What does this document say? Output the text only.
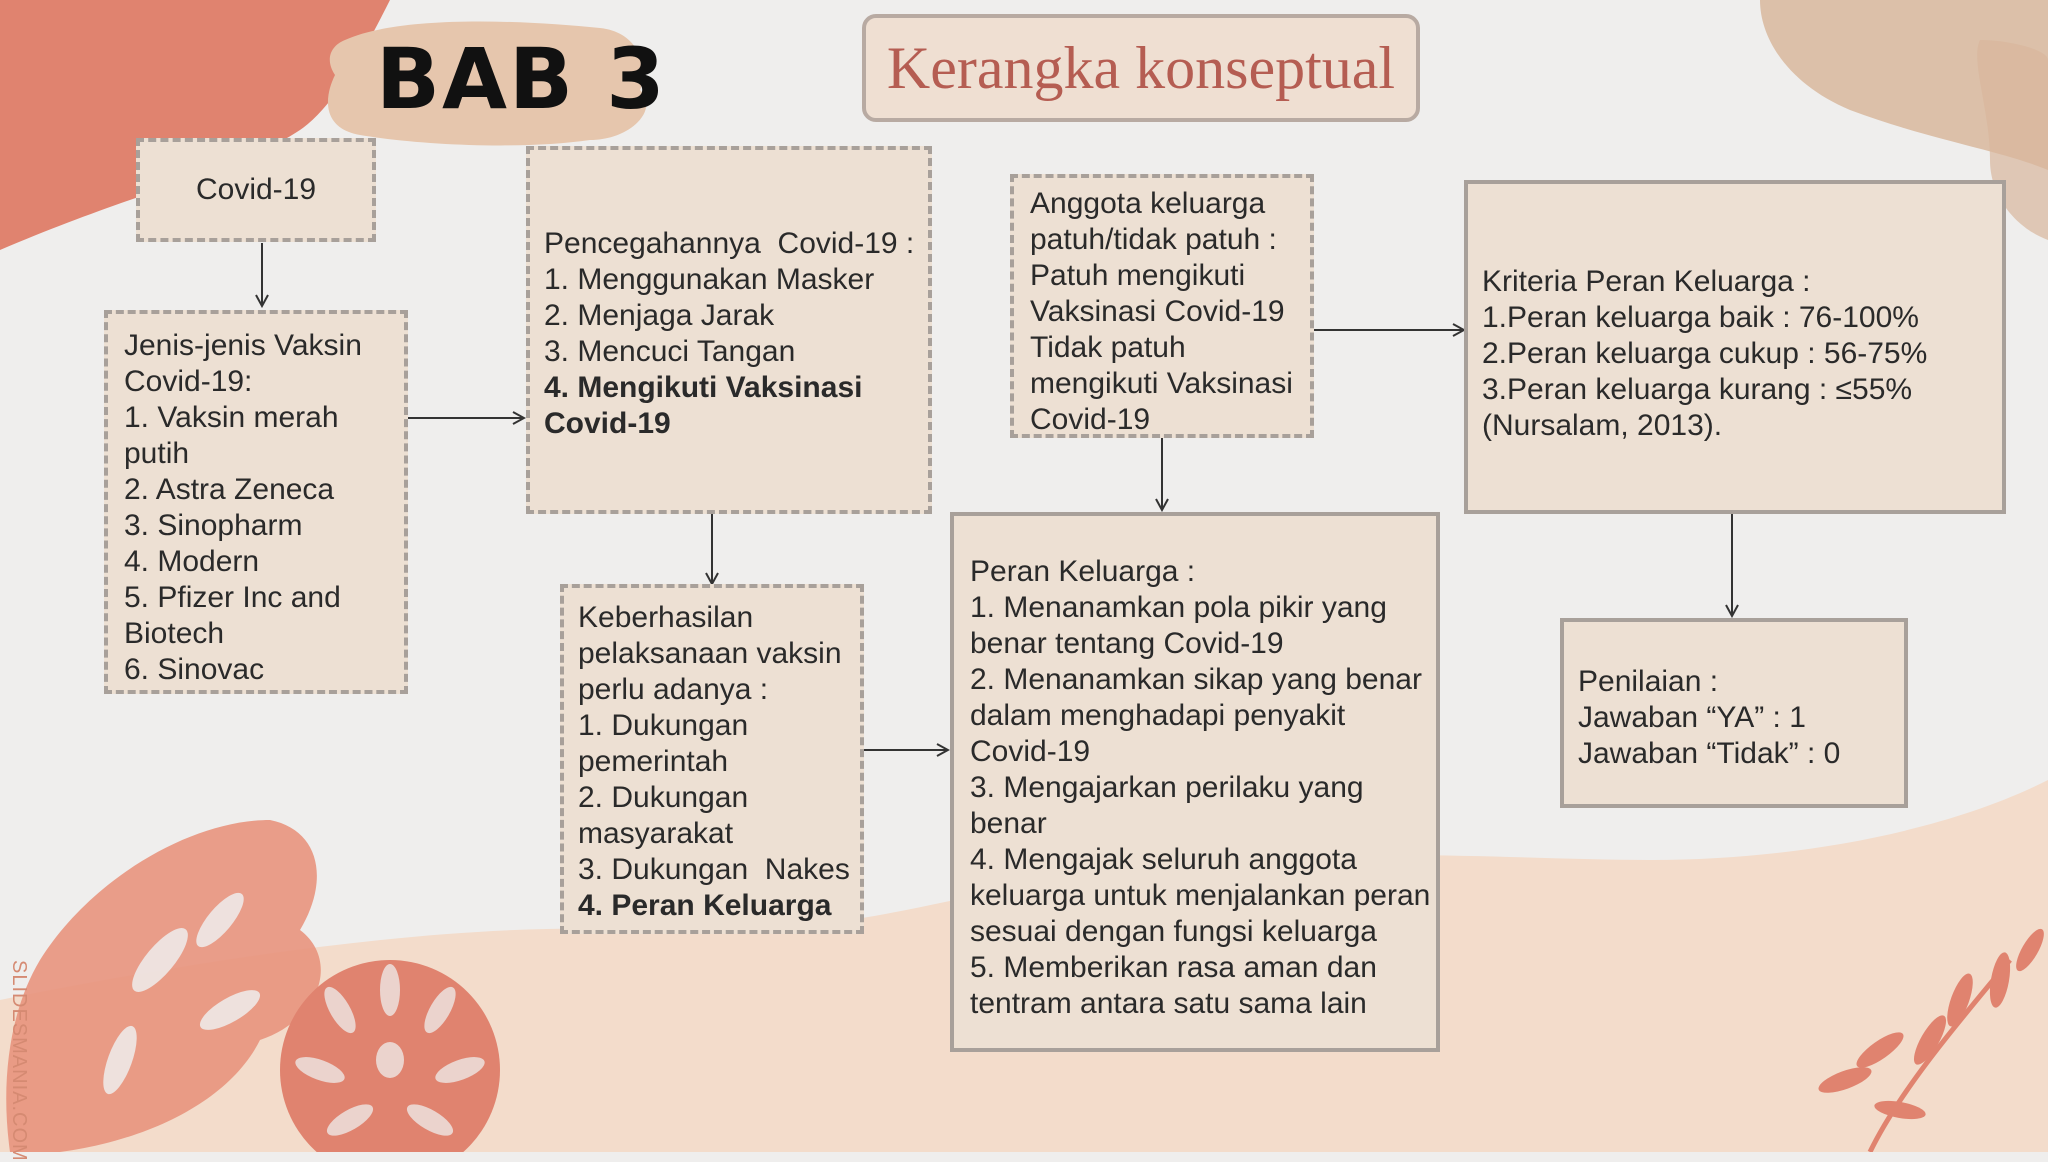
BAB 3	Kerangka konseptual
Covid-19
Jenis-jenis Vaksin
Covid-19:
1. Vaksin merah
putih
2. Astra Zeneca
3. Sinopharm
4. Modern
5. Pfizer Inc and
Biotech
6. Sinovac
Pencegahannya  Covid-19 :
1. Menggunakan Masker
2. Menjaga Jarak
3. Mencuci Tangan
4. Mengikuti Vaksinasi
Covid-19
Keberhasilan
pelaksanaan vaksin
perlu adanya :
1. Dukungan
pemerintah
2. Dukungan
masyarakat
3. Dukungan  Nakes
4. Peran Keluarga
Anggota keluarga
patuh/tidak patuh :
Patuh mengikuti
Vaksinasi Covid-19
Tidak patuh
mengikuti Vaksinasi
Covid-19
Peran Keluarga :
1. Menanamkan pola pikir yang
benar tentang Covid-19
2. Menanamkan sikap yang benar
dalam menghadapi penyakit
Covid-19
3. Mengajarkan perilaku yang
benar
4. Mengajak seluruh anggota
keluarga untuk menjalankan peran
sesuai dengan fungsi keluarga
5. Memberikan rasa aman dan
tentram antara satu sama lain
Kriteria Peran Keluarga :
1.Peran keluarga baik : 76-100%
2.Peran keluarga cukup : 56-75%
3.Peran keluarga kurang : ≤55%
(Nursalam, 2013).
Penilaian :
Jawaban “YA” : 1
Jawaban “Tidak” : 0
SLIDESMANIA.COM
